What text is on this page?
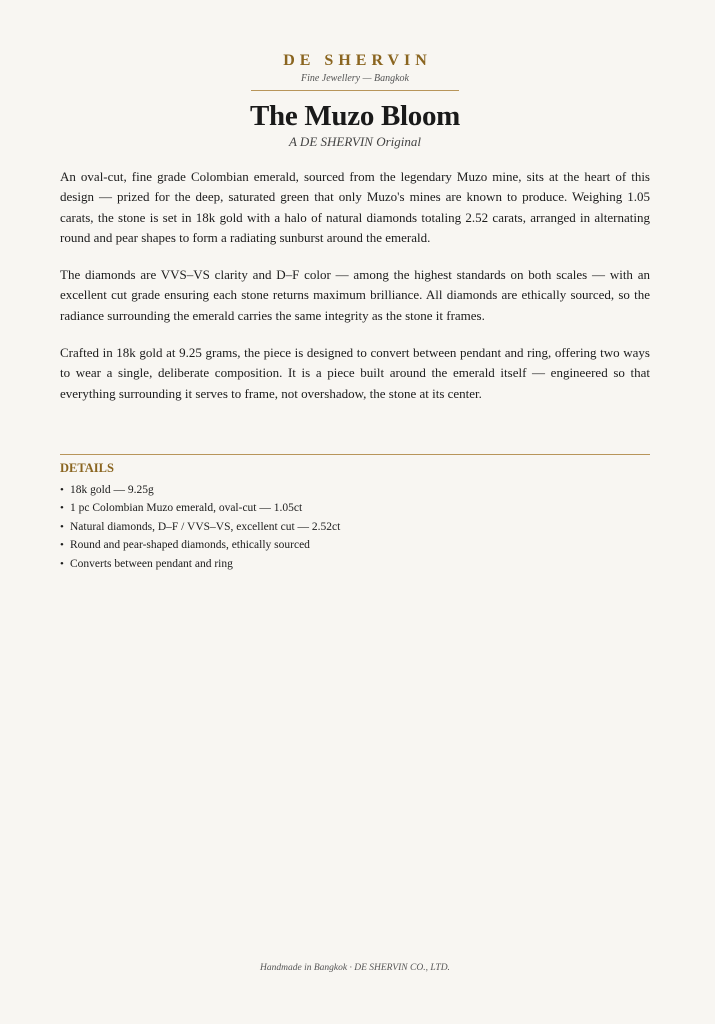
DE SHERVIN
Fine Jewellery — Bangkok
The Muzo Bloom
A DE SHERVIN Original

An oval-cut, fine grade Colombian emerald, sourced from the legendary Muzo mine, sits at the heart of this design — prized for the deep, saturated green that only Muzo's mines are known to produce. Weighing 1.05 carats, the stone is set in 18k gold with a halo of natural diamonds totaling 2.52 carats, arranged in alternating round and pear shapes to form a radiating sunburst around the emerald.

The diamonds are VVS–VS clarity and D–F color — among the highest standards on both scales — with an excellent cut grade ensuring each stone returns maximum brilliance. All diamonds are ethically sourced, so the radiance surrounding the emerald carries the same integrity as the stone it frames.

Crafted in 18k gold at 9.25 grams, the piece is designed to convert between pendant and ring, offering two ways to wear a single, deliberate composition. It is a piece built around the emerald itself — engineered so that everything surrounding it serves to frame, not overshadow, the stone at its center.

DETAILS
• 18k gold — 9.25g
• 1 pc Colombian Muzo emerald, oval-cut — 1.05ct
• Natural diamonds, D–F / VVS–VS, excellent cut — 2.52ct
• Round and pear-shaped diamonds, ethically sourced
• Converts between pendant and ring
Handmade in Bangkok · DE SHERVIN CO., LTD.
